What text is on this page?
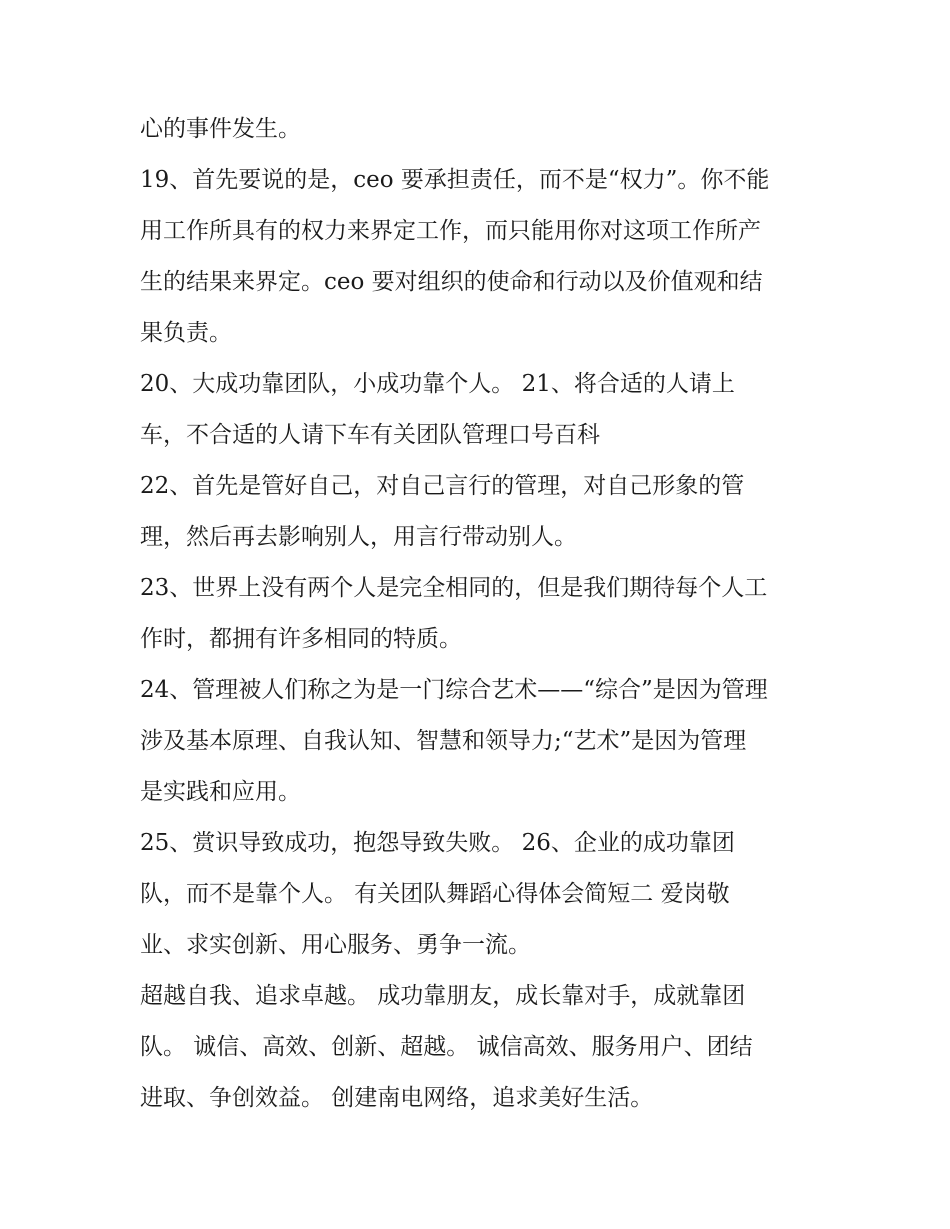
心的事件发生。
19、首先要说的是，ceo 要承担责任，而不是“权力”。你不能
用工作所具有的权力来界定工作，而只能用你对这项工作所产
生的结果来界定。ceo 要对组织的使命和行动以及价值观和结
果负责。
20、大成功靠团队，小成功靠个人。 21、将合适的人请上
车，不合适的人请下车有关团队管理口号百科
22、首先是管好自己，对自己言行的管理，对自己形象的管
理，然后再去影响别人，用言行带动别人。
23、世界上没有两个人是完全相同的，但是我们期待每个人工
作时，都拥有许多相同的特质。
24、管理被人们称之为是一门综合艺术——“综合”是因为管理
涉及基本原理、自我认知、智慧和领导力;“艺术”是因为管理
是实践和应用。
25、赏识导致成功，抱怨导致失败。 26、企业的成功靠团
队，而不是靠个人。 有关团队舞蹈心得体会简短二 爱岗敬
业、求实创新、用心服务、勇争一流。
超越自我、追求卓越。 成功靠朋友，成长靠对手，成就靠团
队。 诚信、高效、创新、超越。 诚信高效、服务用户、团结
进取、争创效益。 创建南电网络，追求美好生活。
